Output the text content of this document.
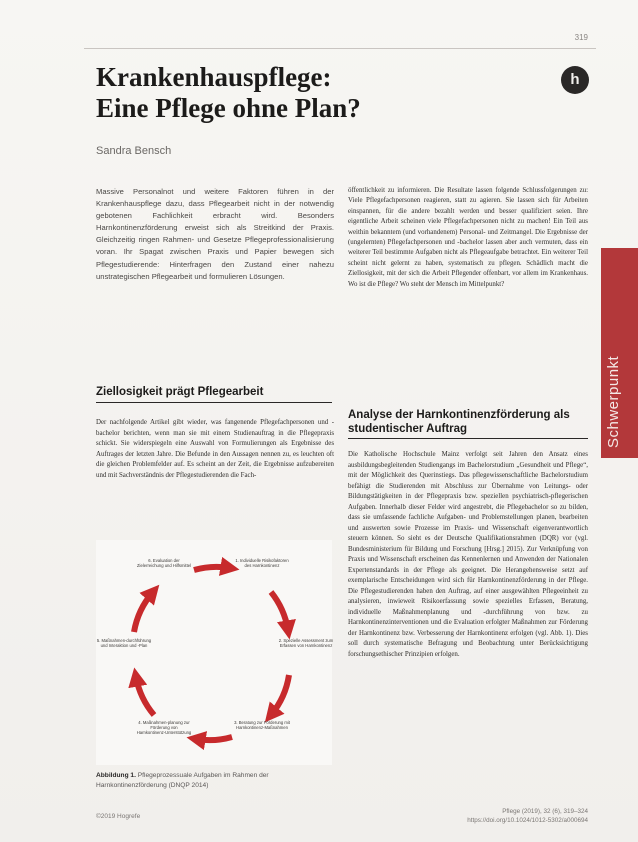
319
Krankenhauspflege:
Eine Pflege ohne Plan?
h
Sandra Bensch

Massive Personalnot und weitere Faktoren führen in der Krankenhauspflege dazu, dass Pflegearbeit nicht in der notwendig gebotenen Fachlichkeit erbracht wird. Besonders Harnkontinenzförderung erweist sich als Streitkind der Praxis. Gleichzeitig ringen Rahmen- und Gesetze Pflegeprofessionalisierung voran. Ihr Spagat zwischen Praxis und Papier bewegen sich Pflegestudierende: Hinterfragen den Zustand einer nahezu unstrategischen Pflegearbeit und formulieren Lösungen.

öffentlichkeit zu informieren. Die Resultate lassen folgende Schlussfolgerungen zu: Viele Pflegefachpersonen reagieren, statt zu agieren. Sie lassen sich für Arbeiten einspannen, für die andere bezahlt werden und besser qualifiziert seien. Ihre eigentliche Arbeit scheinen viele Pflegefachpersonen nicht zu machen! Ein Teil aus weithin bekanntem (und vorhandenem) Personal- und Zeitmangel. Die Ergebnisse der (ungelernten) Pflegefachpersonen und -bachelor lassen aber auch vermuten, dass ein weiterer Teil bestimmte Aufgaben nicht als Pflegeaufgabe betrachtet. Ein weiterer Teil scheint nicht gelernt zu haben, systematisch zu pflegen. Schädlich macht die Ziellosigkeit, mit der sich die Arbeit Pflegender offenbart, vor allem im Krankenhaus. Wo ist die Pflege? Wo steht der Mensch im Mittelpunkt?

Ziellosigkeit prägt Pflegearbeit

Der nachfolgende Artikel gibt wieder, was fangenende Pflegefachpersonen und -bachelor berichten, wenn man sie mit einem Studienauftrag in die Pflegepraxis schickt. Sie widerspiegeln eine Auswahl von Formulierungen als Ergebnisse des Auftrages der letzten Jahre. Die Befunde in den Aussagen nennen zu, es leuchten oft die gleichen Problemfelder auf. Es scheint an der Zeit, die Ergebnisse aufzubereiten und mit Sachverständnis der Pflegestudierenden die Fach-

Analyse der Harnkontinenzförderung als studentischer Auftrag

Die Katholische Hochschule Mainz verfolgt seit Jahren den Ansatz eines ausbildungsbegleitenden Studiengangs im Bachelorstudium „Gesundheit und Pflege“, mit der Möglichkeit des Querinstiegs. Das pflegewissenschaftliche Bachelorstudium befähigt die Studierenden mit Abschluss zur Übernahme von Leitungs- oder Bildungstätigkeiten in der Pflegepraxis bzw. speziellen psychiatrisch-pflegerischen Aufgaben. Innerhalb dieser Felder wird angestrebt, die Pflegebachelor so zu bilden, dass sie umfassende fachliche Aufgaben- und Problemstellungen planen, bearbeiten und auswerten sowie Prozesse im Praxis- und Wissenschaft eigenverantwortlich steuern können. So sieht es der Deutsche Qualifikationsrahmen (DQR) vor (vgl. Bundesministerium für Bildung und Forschung [Hrsg.] 2015). Zur Verknüpfung von Praxis und Wissenschaft erscheinen das Kennenlernen und Anwenden der Nationalen Expertenstandards in der Pflege als geeignet. Die Herangehensweise setzt auf exemplarische Entscheidungen wird sich für Harnkontinenzförderung in der Pflege. Die Pflegestudierenden haben den Auftrag, auf einer ausgewählten Pflegeeinheit zu analysieren, inwieweit Risikoerfassung sowie spezielles Erfassen, Beratung, individuelle Maßnahmenplanung und -durchführung von bzw. zu Harnkontinenzinterventionen und die Evaluation erfolgter Maßnahmen zur Förderung der Harnkontinenz bzw. Verbesserung der Harnkontinenz erfolgen (vgl. Abb. 1). Dies soll durch systematische Befragung und Beobachtung unter Berücksichtigung forschungsethischer Prinzipien erfolgen.

1. Individuelle Risikofaktoren des Harnkontinenz
2. Spezielle Assessment zum Erfassen von Harnkontinenz
3. Beratung zur Förderung mit Harnkontinenz-Maßnahmen
4. Maßnahmen-planung zur Förderung von Harnkontinenz-Unterstützung
5. Maßnahmen-durchführung und Interaktion und -Plan
6. Evaluation der Zielerreichung und Hilfsmittel

Abbildung 1. Pflegeprozessuale Aufgaben im Rahmen der Harnkontinenzförderung (DNQP 2014)

Schwerpunkt
©2019 Hogrefe
Pflege (2019), 32 (6), 319–324 https://doi.org/10.1024/1012-5302/a000694
